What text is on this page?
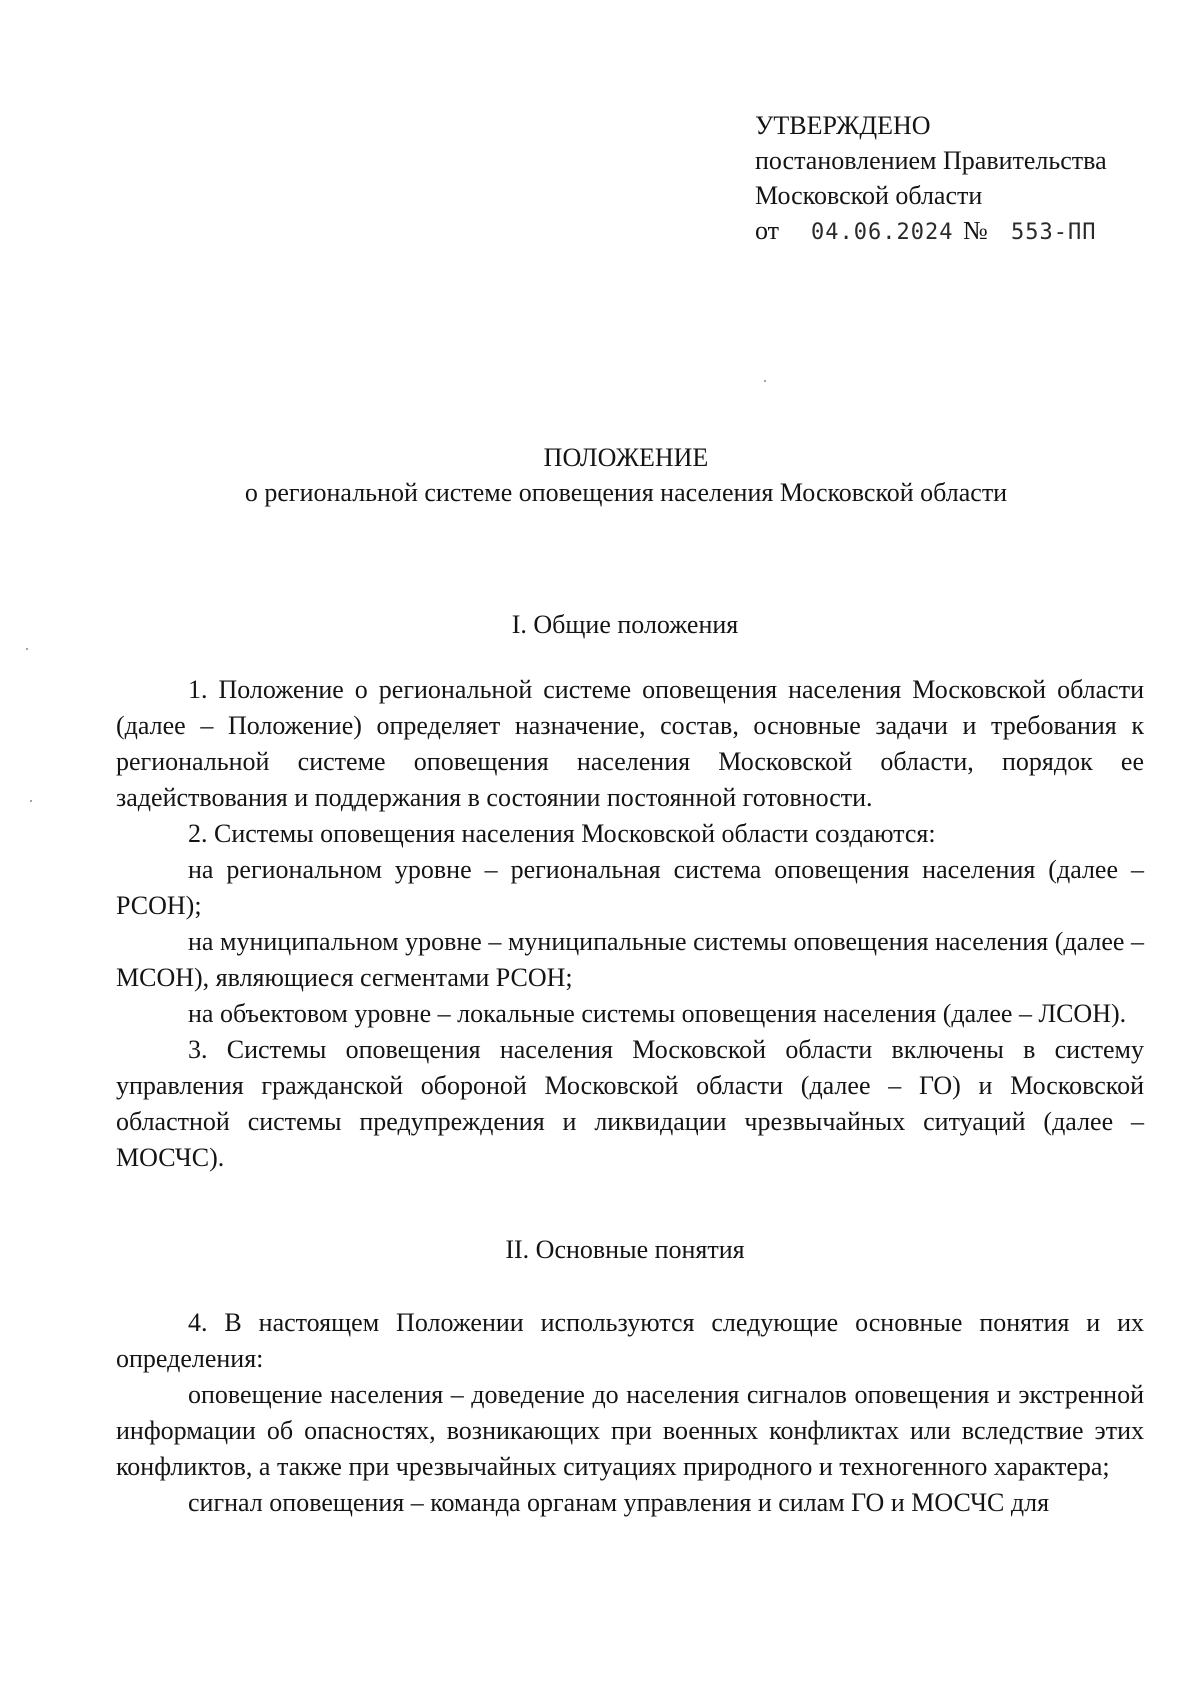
УТВЕРЖДЕНО
постановлением Правительства
Московской области
от 04.06.2024 № 553-ПП
ПОЛОЖЕНИЕ
о региональной системе оповещения населения Московской области
I. Общие положения

1. Положение о региональной системе оповещения населения Московской области (далее – Положение) определяет назначение, состав, основные задачи и требования к региональной системе оповещения населения Московской области, порядок ее задействования и поддержания в состоянии постоянной готовности.

2. Системы оповещения населения Московской области создаются:

на региональном уровне – региональная система оповещения населения (далее – РСОН);

на муниципальном уровне – муниципальные системы оповещения населения (далее – МСОН), являющиеся сегментами РСОН;

на объектовом уровне – локальные системы оповещения населения (далее – ЛСОН).

3. Системы оповещения населения Московской области включены в систему управления гражданской обороной Московской области (далее – ГО) и Московской областной системы предупреждения и ликвидации чрезвычайных ситуаций (далее – МОСЧС).

II. Основные понятия

4. В настоящем Положении используются следующие основные понятия и их определения:

оповещение населения – доведение до населения сигналов оповещения и экстренной информации об опасностях, возникающих при военных конфликтах или вследствие этих конфликтов, а также при чрезвычайных ситуациях природного и техногенного характера;

сигнал оповещения – команда органам управления и силам ГО и МОСЧС для
